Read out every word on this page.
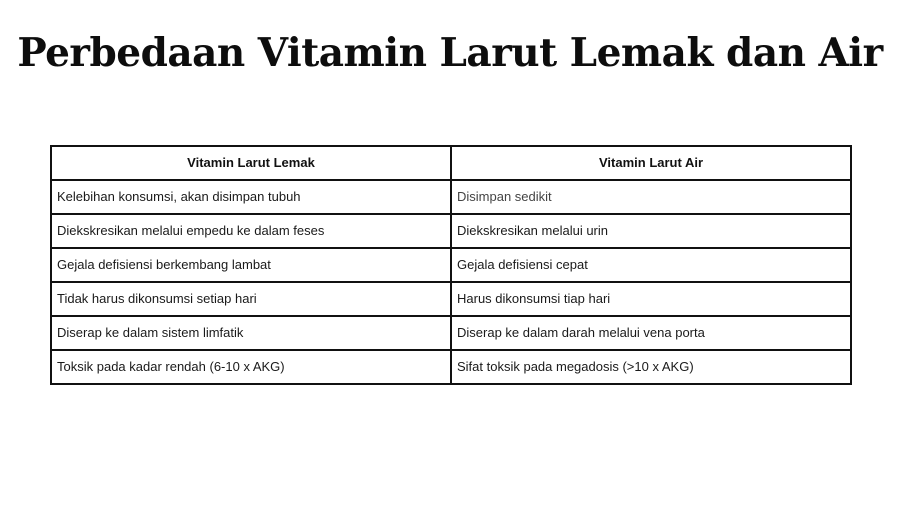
Perbedaan Vitamin Larut Lemak dan Air
Vitamin Larut Lemak	Vitamin Larut Air
Kelebihan konsumsi, akan disimpan tubuh	Disimpan sedikit
Diekskresikan melalui empedu ke dalam feses	Diekskresikan melalui urin
Gejala defisiensi berkembang lambat	Gejala defisiensi cepat
Tidak harus dikonsumsi setiap hari	Harus dikonsumsi tiap hari
Diserap ke dalam sistem limfatik	Diserap ke dalam darah melalui vena porta
Toksik pada kadar rendah (6-10 x AKG)	Sifat toksik pada megadosis (>10 x AKG)
